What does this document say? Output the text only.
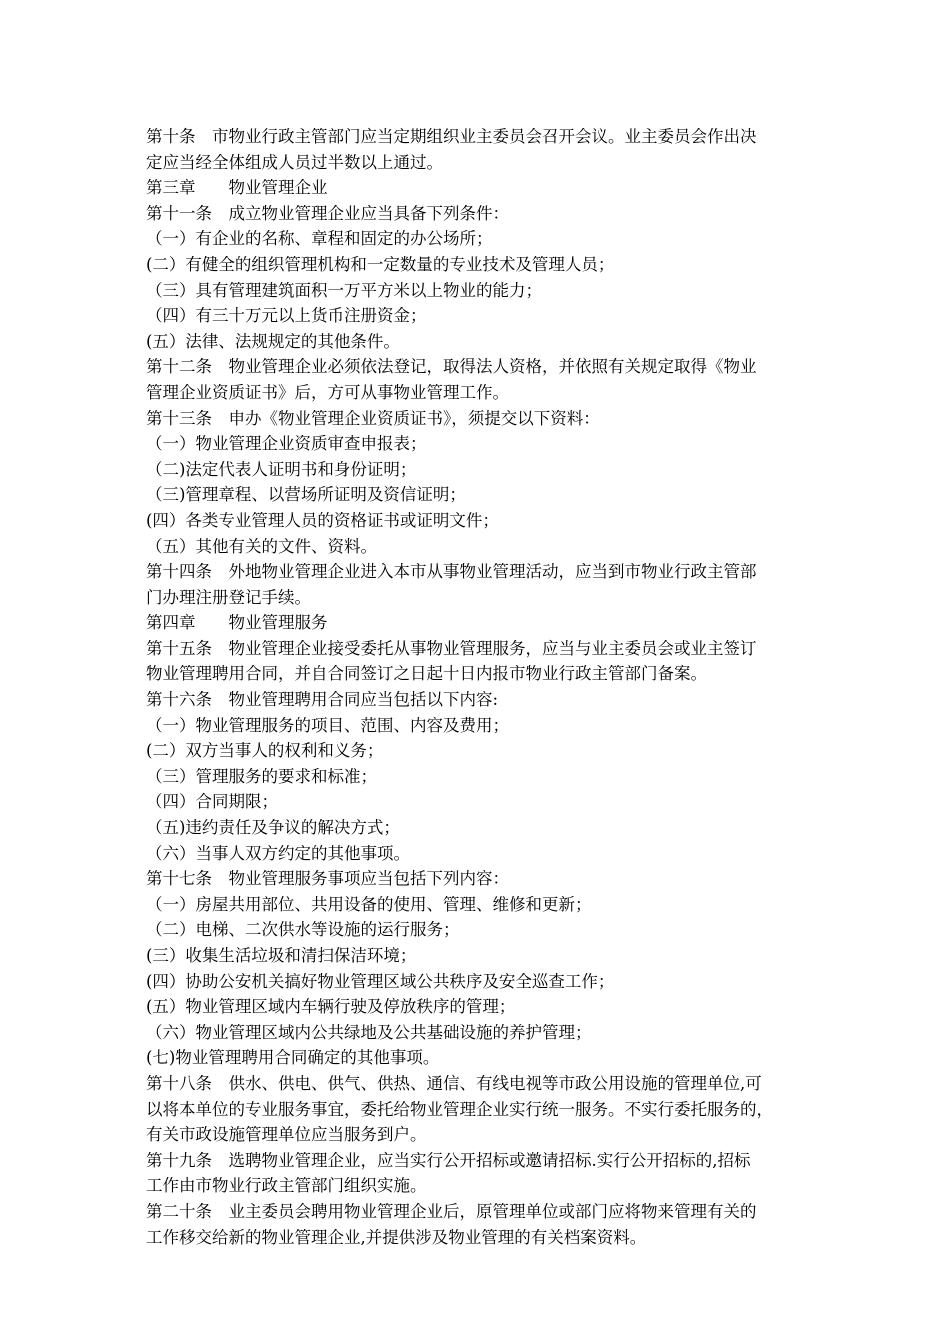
第十条　市物业行政主管部门应当定期组织业主委员会召开会议。业主委员会作出决
定应当经全体组成人员过半数以上通过。
第三章　　物业管理企业
第十一条　成立物业管理企业应当具备下列条件：
（一）有企业的名称、章程和固定的办公场所；
(二）有健全的组织管理机构和一定数量的专业技术及管理人员；
（三）具有管理建筑面积一万平方米以上物业的能力；
（四）有三十万元以上货币注册资金；
(五）法律、法规规定的其他条件。
第十二条　物业管理企业必须依法登记，取得法人资格，并依照有关规定取得《物业
管理企业资质证书》后，方可从事物业管理工作。
第十三条　申办《物业管理企业资质证书》，须提交以下资料：
（一）物业管理企业资质审查申报表；
（二)法定代表人证明书和身份证明；
（三)管理章程、以营场所证明及资信证明；
(四）各类专业管理人员的资格证书或证明文件；
（五）其他有关的文件、资料。
第十四条　外地物业管理企业进入本市从事物业管理活动，应当到市物业行政主管部
门办理注册登记手续。
第四章　　物业管理服务
第十五条　物业管理企业接受委托从事物业管理服务，应当与业主委员会或业主签订
物业管理聘用合同，并自合同签订之日起十日内报市物业行政主管部门备案。
第十六条　物业管理聘用合同应当包括以下内容:
（一）物业管理服务的项目、范围、内容及费用；
(二）双方当事人的权利和义务；
（三）管理服务的要求和标准；
（四）合同期限；
（五)违约责任及争议的解决方式；
（六）当事人双方约定的其他事项。
第十七条　物业管理服务事项应当包括下列内容：
（一）房屋共用部位、共用设备的使用、管理、维修和更新；
（二）电梯、二次供水等设施的运行服务；
(三）收集生活垃圾和清扫保洁环境；
(四）协助公安机关搞好物业管理区域公共秩序及安全巡查工作；
(五）物业管理区域内车辆行驶及停放秩序的管理；
（六）物业管理区域内公共绿地及公共基础设施的养护管理；
(七)物业管理聘用合同确定的其他事项。
第十八条　供水、供电、供气、供热、通信、有线电视等市政公用设施的管理单位,可
以将本单位的专业服务事宜，委托给物业管理企业实行统一服务。不实行委托服务的，
有关市政设施管理单位应当服务到户。
第十九条　选聘物业管理企业，应当实行公开招标或邀请招标.实行公开招标的,招标
工作由市物业行政主管部门组织实施。
第二十条　业主委员会聘用物业管理企业后，原管理单位或部门应将物来管理有关的
工作移交给新的物业管理企业,并提供涉及物业管理的有关档案资料。
